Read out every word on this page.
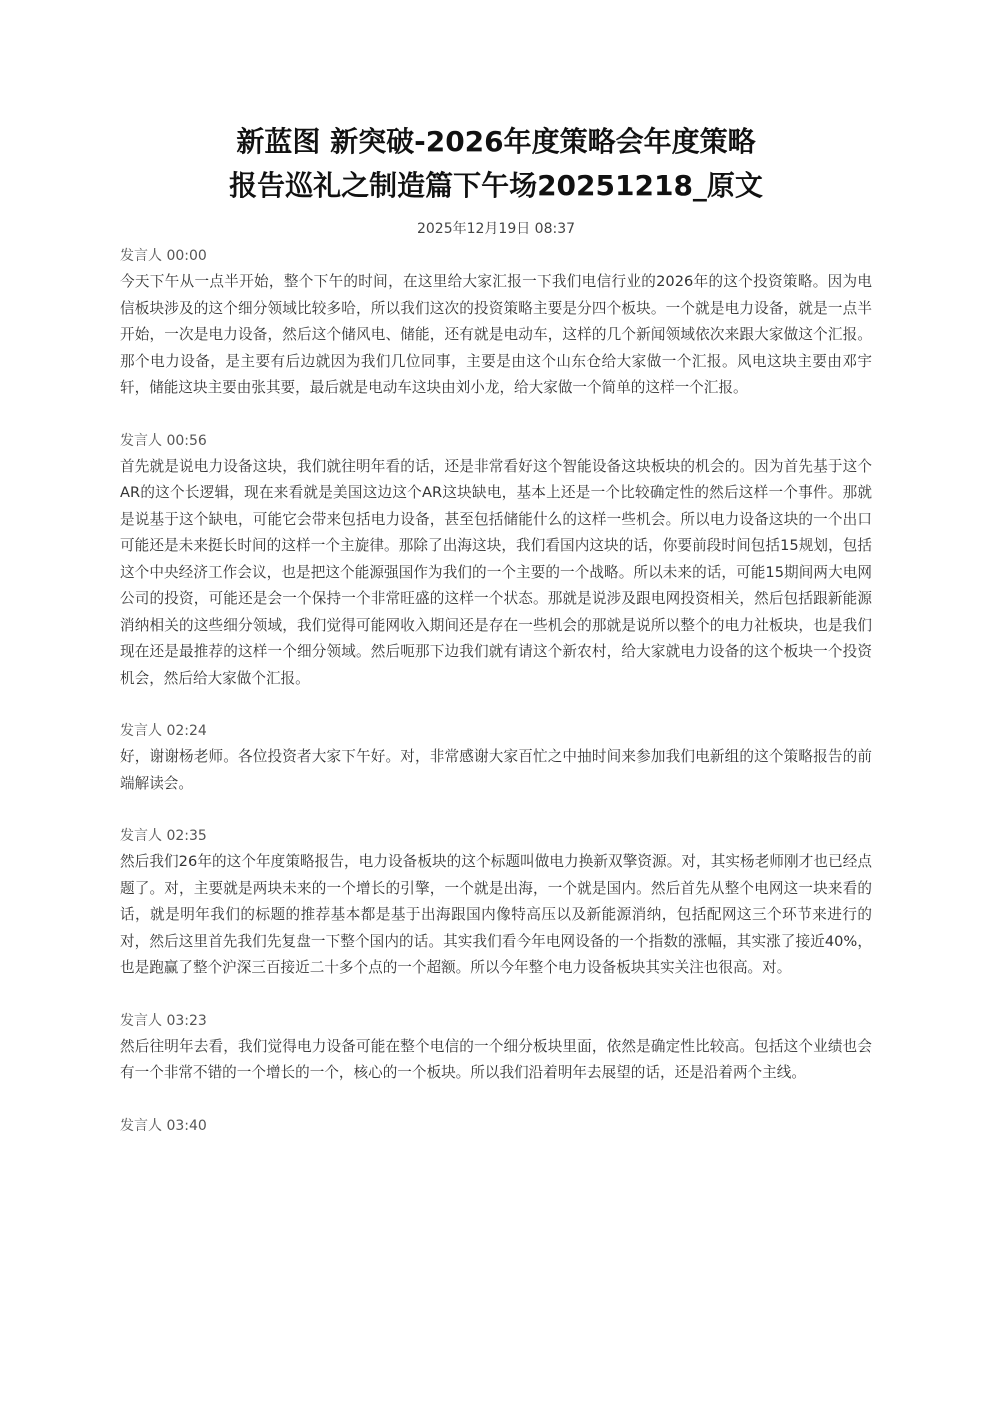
新蓝图 新突破-2026年度策略会年度策略
报告巡礼之制造篇下午场20251218_原文
2025年12月19日 08:37

发言人 00:00

今天下午从一点半开始，整个下午的时间，在这里给大家汇报一下我们电信行业的2026年的这个投资策略。因为电信板块涉及的这个细分领域比较多哈，所以我们这次的投资策略主要是分四个板块。一个就是电力设备，就是一点半开始，一次是电力设备，然后这个储风电、储能，还有就是电动车，这样的几个新闻领域依次来跟大家做这个汇报。那个电力设备，是主要有后边就因为我们几位同事，主要是由这个山东仓给大家做一个汇报。风电这块主要由邓宇轩，储能这块主要由张其要，最后就是电动车这块由刘小龙，给大家做一个简单的这样一个汇报。

发言人 00:56

首先就是说电力设备这块，我们就往明年看的话，还是非常看好这个智能设备这块板块的机会的。因为首先基于这个AR的这个长逻辑，现在来看就是美国这边这个AR这块缺电，基本上还是一个比较确定性的然后这样一个事件。那就是说基于这个缺电，可能它会带来包括电力设备，甚至包括储能什么的这样一些机会。所以电力设备这块的一个出口可能还是未来挺长时间的这样一个主旋律。那除了出海这块，我们看国内这块的话，你要前段时间包括15规划，包括这个中央经济工作会议，也是把这个能源强国作为我们的一个主要的一个战略。所以未来的话，可能15期间两大电网公司的投资，可能还是会一个保持一个非常旺盛的这样一个状态。那就是说涉及跟电网投资相关，然后包括跟新能源消纳相关的这些细分领域，我们觉得可能网收入期间还是存在一些机会的那就是说所以整个的电力社板块，也是我们现在还是最推荐的这样一个细分领域。然后呃那下边我们就有请这个新农村，给大家就电力设备的这个板块一个投资机会，然后给大家做个汇报。

发言人 02:24

好，谢谢杨老师。各位投资者大家下午好。对，非常感谢大家百忙之中抽时间来参加我们电新组的这个策略报告的前端解读会。

发言人 02:35

然后我们26年的这个年度策略报告，电力设备板块的这个标题叫做电力换新双擎资源。对，其实杨老师刚才也已经点题了。对，主要就是两块未来的一个增长的引擎，一个就是出海，一个就是国内。然后首先从整个电网这一块来看的话，就是明年我们的标题的推荐基本都是基于出海跟国内像特高压以及新能源消纳，包括配网这三个环节来进行的对，然后这里首先我们先复盘一下整个国内的话。其实我们看今年电网设备的一个指数的涨幅，其实涨了接近40%，也是跑赢了整个沪深三百接近二十多个点的一个超额。所以今年整个电力设备板块其实关注也很高。对。

发言人 03:23

然后往明年去看，我们觉得电力设备可能在整个电信的一个细分板块里面，依然是确定性比较高。包括这个业绩也会有一个非常不错的一个增长的一个，核心的一个板块。所以我们沿着明年去展望的话，还是沿着两个主线。

发言人 03:40
